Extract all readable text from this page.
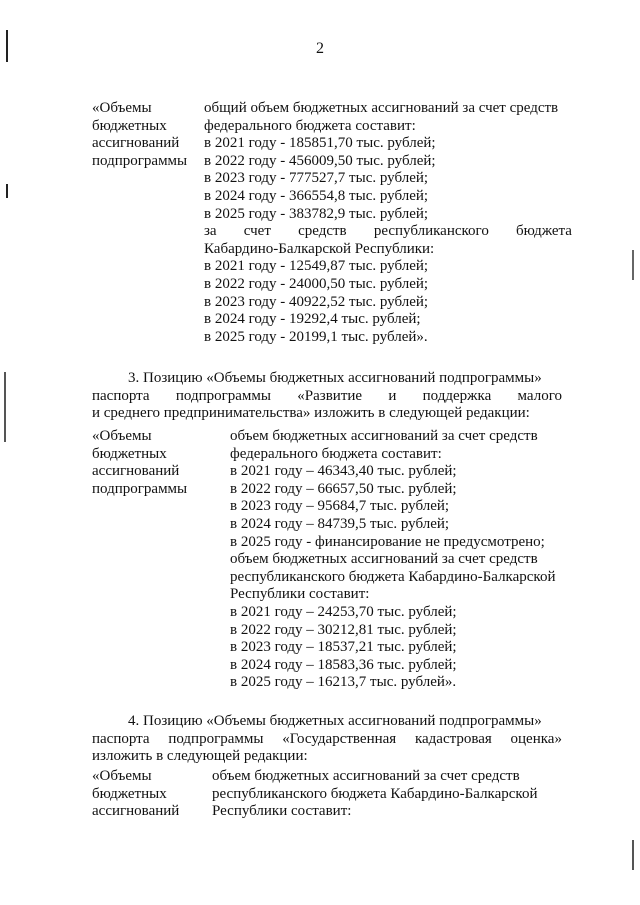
2
«Объемы
бюджетных
ассигнований
подпрограммы
общий объем бюджетных ассигнований за счет средств
федерального бюджета составит:
в 2021 году - 185851,70 тыс. рублей;
в 2022 году - 456009,50 тыс. рублей;
в 2023 году - 777527,7 тыс. рублей;
в 2024 году - 366554,8 тыс. рублей;
в 2025 году - 383782,9 тыс. рублей;
за счет средств республиканского бюджета
Кабардино-Балкарской Республики:
в 2021 году - 12549,87 тыс. рублей;
в 2022 году - 24000,50 тыс. рублей;
в 2023 году - 40922,52 тыс. рублей;
в 2024 году - 19292,4 тыс. рублей;
в 2025 году - 20199,1 тыс. рублей».
3. Позицию «Объемы бюджетных ассигнований подпрограммы»
паспорта подпрограммы «Развитие и поддержка малого
и среднего предпринимательства» изложить в следующей редакции:
«Объемы
бюджетных
ассигнований
подпрограммы
объем бюджетных ассигнований за счет средств
федерального бюджета составит:
в 2021 году – 46343,40 тыс. рублей;
в 2022 году – 66657,50 тыс. рублей;
в 2023 году – 95684,7 тыс. рублей;
в 2024 году – 84739,5 тыс. рублей;
в 2025 году - финансирование не предусмотрено;
объем бюджетных ассигнований за счет средств
республиканского бюджета Кабардино-Балкарской
Республики составит:
в 2021 году – 24253,70 тыс. рублей;
в 2022 году – 30212,81 тыс. рублей;
в 2023 году – 18537,21 тыс. рублей;
в 2024 году – 18583,36 тыс. рублей;
в 2025 году – 16213,7 тыс. рублей».
4. Позицию «Объемы бюджетных ассигнований подпрограммы»
паспорта подпрограммы «Государственная кадастровая оценка»
изложить в следующей редакции:
«Объемы
бюджетных
ассигнований
объем бюджетных ассигнований за счет средств
республиканского бюджета Кабардино-Балкарской
Республики составит:
